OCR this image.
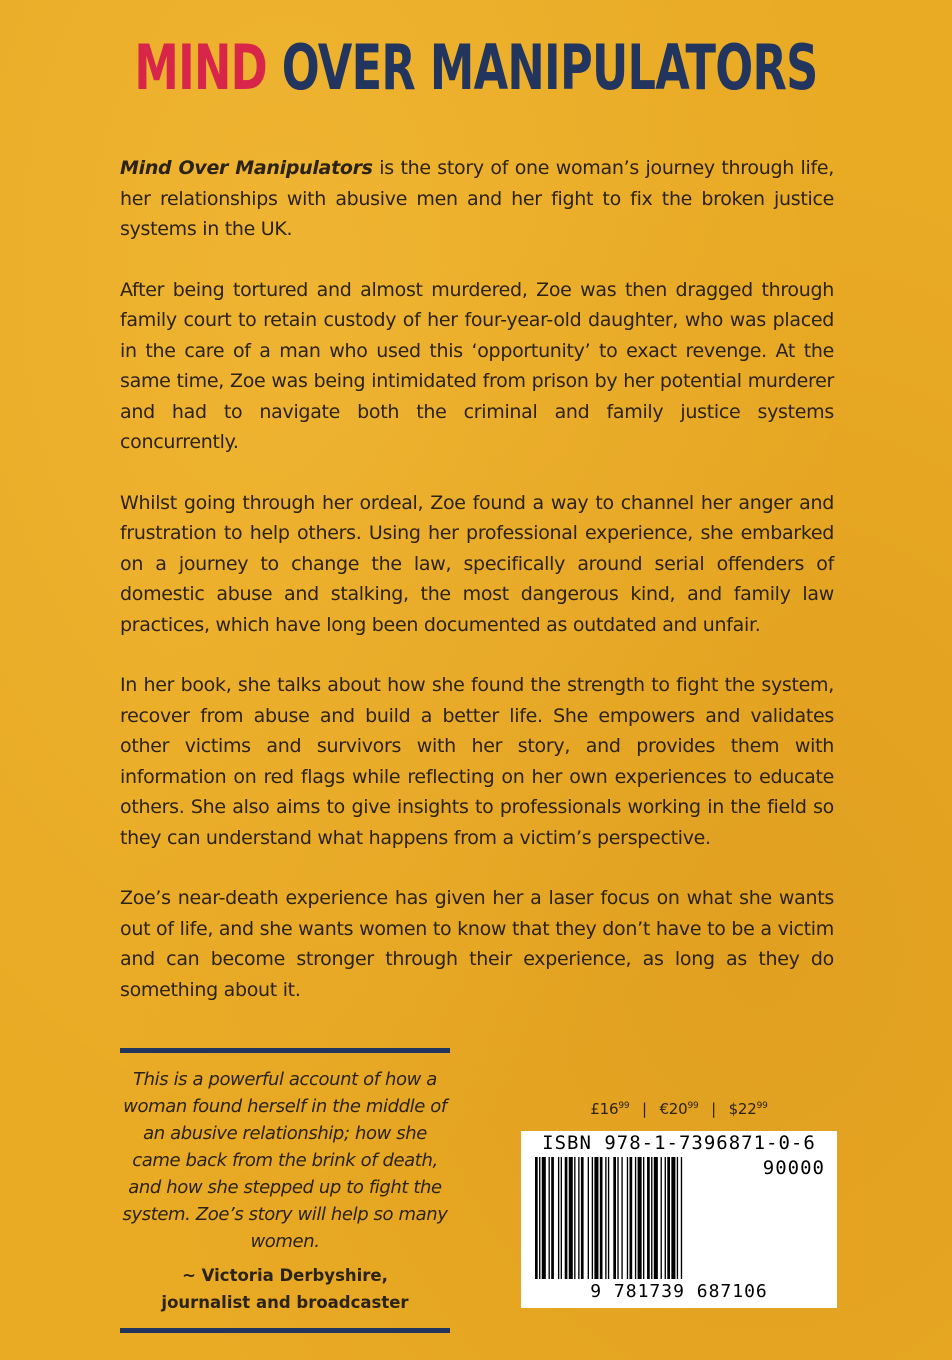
MIND OVER MANIPULATORS

Mind Over Manipulators is the story of one woman’s journey through life, her relationships with abusive men and her fight to fix the broken justice systems in the UK.

After being tortured and almost murdered, Zoe was then dragged through family court to retain custody of her four-year-old daughter, who was placed in the care of a man who used this ‘opportunity’ to exact revenge. At the same time, Zoe was being intimidated from prison by her potential murderer and had to navigate both the criminal and family justice systems concurrently.

Whilst going through her ordeal, Zoe found a way to channel her anger and frustration to help others. Using her professional experience, she embarked on a journey to change the law, specifically around serial offenders of domestic abuse and stalking, the most dangerous kind, and family law practices, which have long been documented as outdated and unfair.

In her book, she talks about how she found the strength to fight the system, recover from abuse and build a better life. She empowers and validates other victims and survivors with her story, and provides them with information on red flags while reflecting on her own experiences to educate others. She also aims to give insights to professionals working in the field so they can understand what happens from a victim’s perspective.

Zoe’s near-death experience has given her a laser focus on what she wants out of life, and she wants women to know that they don’t have to be a victim and can become stronger through their experience, as long as they do something about it.

This is a powerful account of how a woman found herself in the middle of an abusive relationship; how she came back from the brink of death, and how she stepped up to fight the system. Zoe’s story will help so many women.
~ Victoria Derbyshire,
journalist and broadcaster
$£16^{99}$ | $€20^{99}$ | $\$22^{99}$
ISBN 978-1-7396871-0-6
90000
9 781739 687106
